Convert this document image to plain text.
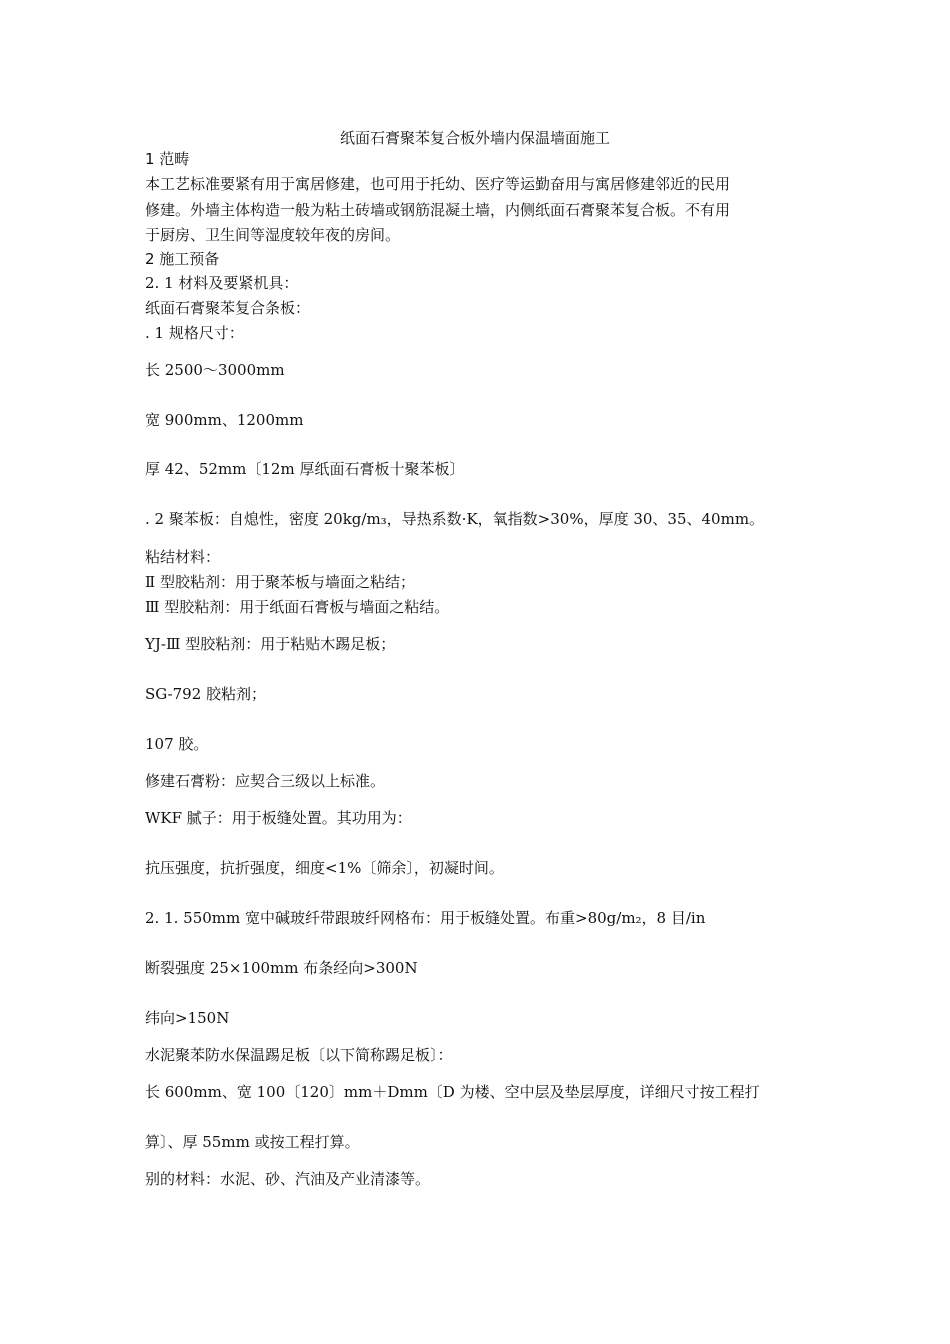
纸面石膏聚苯复合板外墙内保温墙面施工
1 范畴
本工艺标准要紧有用于寓居修建，也可用于托幼、医疗等运勤奋用与寓居修建邻近的民用
修建。外墙主体构造一般为粘土砖墙或钢筋混凝土墙，内侧纸面石膏聚苯复合板。不有用
于厨房、卫生间等湿度较年夜的房间。
2 施工预备
2. 1 材料及要紧机具：
纸面石膏聚苯复合条板：
. 1 规格尺寸：
长 2500～3000mm
宽 900mm、1200mm
厚 42、52mm〔12m 厚纸面石膏板十聚苯板〕
. 2 聚苯板：自熄性，密度 20kg/m₃，导热系数·K，氧指数>30%，厚度 30、35、40mm。
粘结材料：
Ⅱ 型胶粘剂：用于聚苯板与墙面之粘结；
Ⅲ 型胶粘剂：用于纸面石膏板与墙面之粘结。
YJ-Ⅲ 型胶粘剂：用于粘贴木踢足板；
SG-792 胶粘剂；
107 胶。
修建石膏粉：应契合三级以上标准。
WKF 腻子：用于板缝处置。其功用为：
抗压强度，抗折强度，细度<1%〔筛余〕，初凝时间。
2. 1. 550mm 宽中碱玻纤带跟玻纤网格布：用于板缝处置。布重>80g/m₂，8 目/in
断裂强度 25×100mm 布条经向>300N
纬向>150N
水泥聚苯防水保温踢足板〔以下简称踢足板〕：
长 600mm、宽 100〔120〕mm＋Dmm〔D 为楼、空中层及垫层厚度，详细尺寸按工程打
算〕、厚 55mm 或按工程打算。
别的材料：水泥、砂、汽油及产业清漆等。
